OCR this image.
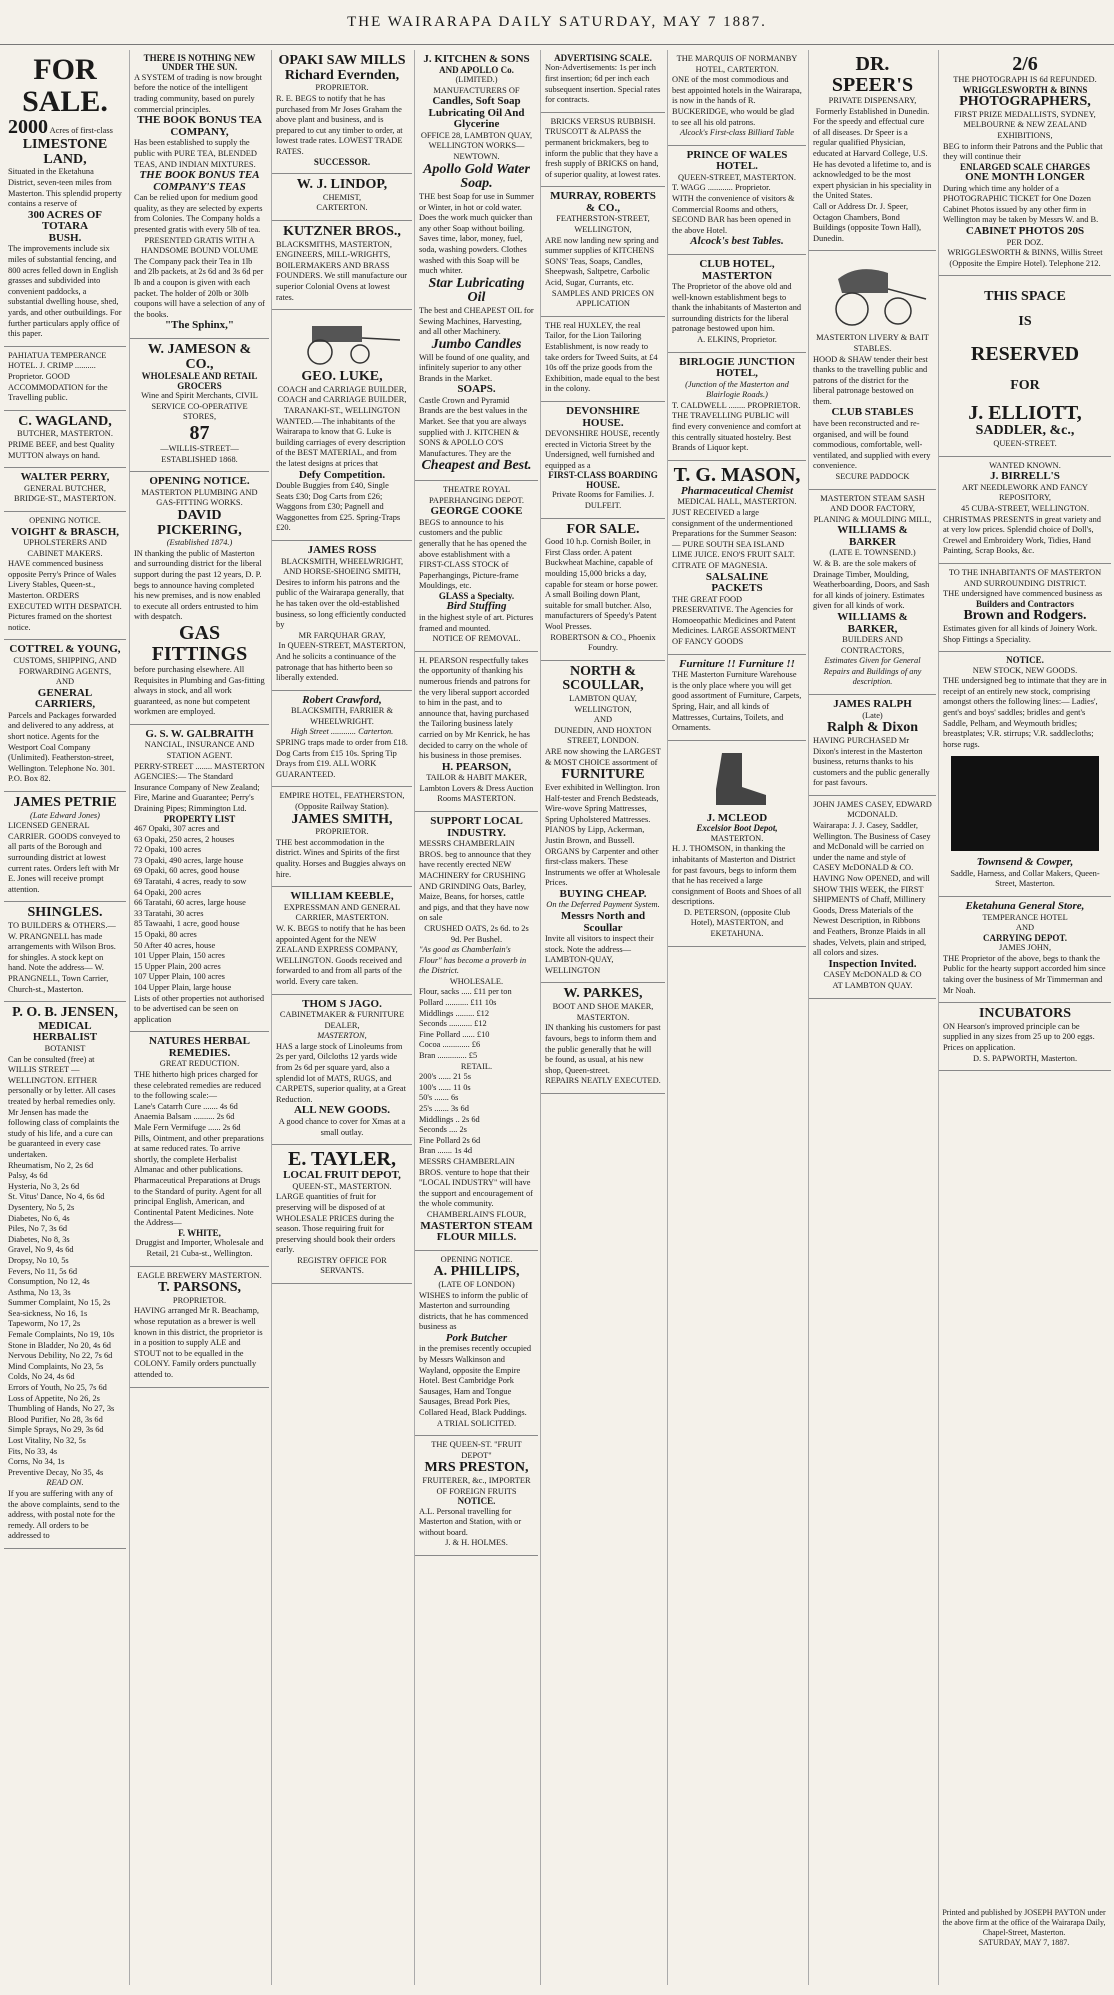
THE WAIRARAPA DAILY SATURDAY, MAY 7 1887.
FOR SALE.
2000 Acres of first-class
LIMESTONE LAND,
Situated in the Eketahuna District, seven-teen miles from Masterton. This splendid property contains a reserve of
300 ACRES OF TOTARA
BUSH.
The improvements include six miles of substantial fencing, and 800 acres felled down in English grasses and subdivided into convenient paddocks, a substantial dwelling house, shed, yards, and other outbuildings. For further particulars apply office of this paper.
PAHIATUA TEMPERANCE HOTEL. J. CRIMP .......... Proprietor. GOOD ACCOMMODATION for the Travelling public.
C. WAGLAND,
BUTCHER, MASTERTON.
PRIME BEEF, and best Quality MUTTON always on hand.
WALTER PERRY,
GENERAL BUTCHER, BRIDGE-ST., MASTERTON.
OPENING NOTICE.
VOIGHT & BRASCH,
UPHOLSTERERS AND CABINET MAKERS.
HAVE commenced business opposite Perry's Prince of Wales Livery Stables, Queen-st., Masterton. ORDERS EXECUTED WITH DESPATCH. Pictures framed on the shortest notice.
COTTREL & YOUNG,
CUSTOMS, SHIPPING, AND FORWARDING AGENTS,
AND
GENERAL CARRIERS,
Parcels and Packages forwarded and delivered to any address, at short notice. Agents for the Westport Coal Company (Unlimited). Featherston-street, Wellington. Telephone No. 301. P.O. Box 82.
JAMES PETRIE
(Late Edward Jones)
LICENSED GENERAL CARRIER. GOODS conveyed to all parts of the Borough and surrounding district at lowest current rates. Orders left with Mr E. Jones will receive prompt attention.
SHINGLES.
TO BUILDERS & OTHERS.—W. PRANGNELL has made arrangements with Wilson Bros. for shingles. A stock kept on hand. Note the address— W. PRANGNELL, Town Carrier, Church-st., Masterton.
P. O. B. JENSEN,
MEDICAL HERBALIST
BOTANIST
Can be consulted (free) at WILLIS STREET — WELLINGTON. EITHER personally or by letter. All cases treated by herbal remedies only. Mr Jensen has made the following class of complaints the study of his life, and a cure can be guaranteed in every case undertaken.
Rheumatism, No 2, 2s 6d
Palsy, 4s 6d
Hysteria, No 3, 2s 6d
St. Vitus' Dance, No 4, 6s 6d
Dysentery, No 5, 2s
Diabetes, No 6, 4s
Piles, No 7, 3s 6d
Diabetes, No 8, 3s
Gravel, No 9, 4s 6d
Dropsy, No 10, 5s
Fevers, No 11, 5s 6d
Consumption, No 12, 4s
Asthma, No 13, 3s
Summer Complaint, No 15, 2s
Sea-sickness, No 16, 1s
Tapeworm, No 17, 2s
Female Complaints, No 19, 10s
Stone in Bladder, No 20, 4s 6d
Nervous Debility, No 22, 7s 6d
Mind Complaints, No 23, 5s
Colds, No 24, 4s 6d
Errors of Youth, No 25, 7s 6d
Loss of Appetite, No 26, 2s
Thumbling of Hands, No 27, 3s
Blood Purifier, No 28, 3s 6d
Simple Sprays, No 29, 3s 6d
Lost Vitality, No 32, 5s
Fits, No 33, 4s
Corns, No 34, 1s
Preventive Decay, No 35, 4s
READ ON.
If you are suffering with any of the above complaints, send to the address, with postal note for the remedy. All orders to be addressed to
THERE IS NOTHING NEW UNDER THE SUN.
A SYSTEM of trading is now brought before the notice of the intelligent trading community, based on purely commercial principles.
THE BOOK BONUS TEA COMPANY,
Has been established to supply the public with PURE TEA, BLENDED TEAS, AND INDIAN MIXTURES.
THE BOOK BONUS TEA COMPANY'S TEAS
Can be relied upon for medium good quality, as they are selected by experts from Colonies. The Company holds a presented gratis with every 5lb of tea.
PRESENTED GRATIS WITH A HANDSOME BOUND VOLUME
The Company pack their Tea in 1lb and 2lb packets, at 2s 6d and 3s 6d per lb and a coupon is given with each packet. The holder of 20lb or 30lb coupons will have a selection of any of the books.
"The Sphinx,"
W. JAMESON & CO.,
WHOLESALE AND RETAIL GROCERS
Wine and Spirit Merchants, CIVIL SERVICE CO-OPERATIVE STORES,
87
—WILLIS-STREET—
ESTABLISHED 1868.
OPENING NOTICE.
MASTERTON PLUMBING AND GAS-FITTING WORKS.
DAVID PICKERING,
(Established 1874.)
IN thanking the public of Masterton and surrounding district for the liberal support during the past 12 years, D. P. begs to announce having completed his new premises, and is now enabled to execute all orders entrusted to him with despatch.
GAS FITTINGS
before purchasing elsewhere. All Requisites in Plumbing and Gas-fitting always in stock, and all work guaranteed, as none but competent workmen are employed.
G. S. W. GALBRAITH
NANCIAL, INSURANCE AND STATION AGENT.
PERRY-STREET ........ MASTERTON
AGENCIES:— The Standard Insurance Company of New Zealand; Fire, Marine and Guarantee; Perry's Draining Pipes; Rimmington Ltd.
PROPERTY LIST
467 Opaki, 307 acres and
63 Opaki, 250 acres, 2 houses
72 Opaki, 100 acres
73 Opaki, 490 acres, large house
69 Opaki, 60 acres, good house
69 Taratahi, 4 acres, ready to sow
64 Opaki, 200 acres
66 Taratahi, 60 acres, large house
33 Taratahi, 30 acres
85 Tawaahi, 1 acre, good house
15 Opaki, 80 acres
50 After 40 acres, house
101 Upper Plain, 150 acres
15 Upper Plain, 200 acres
107 Upper Plain, 100 acres
104 Upper Plain, large house
Lists of other properties not authorised to be advertised can be seen on application
NATURES HERBAL REMEDIES.
GREAT REDUCTION.
THE hitherto high prices charged for these celebrated remedies are reduced to the following scale:—
Lane's Catarrh Cure ....... 4s 6d
Anaemia Balsam .......... 2s 6d
Male Fern Vermifuge ...... 2s 6d
Pills, Ointment, and other preparations at same reduced rates. To arrive shortly, the complete Herbalist Almanac and other publications. Pharmaceutical Preparations at Drugs to the Standard of purity. Agent for all principal English, American, and Continental Patent Medicines. Note the Address—
F. WHITE,
Druggist and Importer, Wholesale and Retail, 21 Cuba-st., Wellington.
EAGLE BREWERY MASTERTON.
T. PARSONS,
PROPRIETOR.
HAVING arranged Mr R. Beachamp, whose reputation as a brewer is well known in this district, the proprietor is in a position to supply ALE and STOUT not to be equalled in the COLONY. Family orders punctually attended to.
OPAKI SAW MILLS
Richard Evernden,
PROPRIETOR.
R. E. BEGS to notify that he has purchased from Mr Joses Graham the above plant and business, and is prepared to cut any timber to order, at lowest trade rates. LOWEST TRADE RATES.
SUCCESSOR.
W. J. LINDOP,
CHEMIST,
CARTERTON.
KUTZNER BROS.,
BLACKSMITHS, MASTERTON, ENGINEERS, MILL-WRIGHTS, BOILERMAKERS AND BRASS FOUNDERS. We still manufacture our superior Colonial Ovens at lowest rates.
GEO. LUKE,
COACH and CARRIAGE BUILDER, COACH and CARRIAGE BUILDER,
TARANAKI-ST., WELLINGTON
WANTED.—The inhabitants of the Wairarapa to know that G. Luke is building carriages of every description of the BEST MATERIAL, and from the latest designs at prices that
Defy Competition.
Double Buggies from £40, Single Seats £30; Dog Carts from £26; Waggons from £30; Pagnell and Waggonettes from £25. Spring-Traps £20.
JAMES ROSS
BLACKSMITH, WHEELWRIGHT, AND HORSE-SHOEING SMITH,
Desires to inform his patrons and the public of the Wairarapa generally, that he has taken over the old-established business, so long efficiently conducted by
MR FARQUHAR GRAY,
In QUEEN-STREET, MASTERTON,
And he solicits a continuance of the patronage that has hitherto been so liberally extended.
Robert Crawford,
BLACKSMITH, FARRIER & WHEELWRIGHT.
High Street ............ Carterton.
SPRING traps made to order from £18. Dog Carts from £15 10s. Spring Tip Drays from £19. ALL WORK GUARANTEED.
EMPIRE HOTEL, FEATHERSTON,
(Opposite Railway Station).
JAMES SMITH,
PROPRIETOR.
THE best accommodation in the district. Wines and Spirits of the first quality. Horses and Buggies always on hire.
WILLIAM KEEBLE,
EXPRESSMAN AND GENERAL CARRIER, MASTERTON.
W. K. BEGS to notify that he has been appointed Agent for the NEW ZEALAND EXPRESS COMPANY, WELLINGTON. Goods received and forwarded to and from all parts of the world. Every care taken.
THOM S JAGO.
CABINETMAKER & FURNITURE DEALER,
MASTERTON,
HAS a large stock of Linoleums from 2s per yard, Oilcloths 12 yards wide from 2s 6d per square yard, also a splendid lot of MATS, RUGS, and CARPETS, superior quality, at a Great Reduction.
ALL NEW GOODS.
A good chance to cover for Xmas at a small outlay.
E. TAYLER,
LOCAL FRUIT DEPOT,
QUEEN-ST., MASTERTON.
LARGE quantities of fruit for preserving will be disposed of at WHOLESALE PRICES during the season. Those requiring fruit for preserving should book their orders early.
REGISTRY OFFICE FOR SERVANTS.
J. KITCHEN & SONS
AND APOLLO Co.
(LIMITED.)
MANUFACTURERS OF
Candles, Soft Soap Lubricating Oil And Glycerine
OFFICE 28, LAMBTON QUAY, WELLINGTON WORKS—NEWTOWN.
Apollo Gold Water Soap.
THE best Soap for use in Summer or Winter, in hot or cold water. Does the work much quicker than any other Soap without boiling. Saves time, labor, money, fuel, soda, washing powders. Clothes washed with this Soap will be much whiter.
Star Lubricating Oil
The best and CHEAPEST OIL for Sewing Machines, Harvesting, and all other Machinery.
Jumbo Candles
Will be found of one quality, and infinitely superior to any other Brands in the Market.
SOAPS.
Castle Crown and Pyramid Brands are the best values in the Market. See that you are always supplied with J. KITCHEN & SONS & APOLLO CO'S Manufactures. They are the
Cheapest and Best.
THEATRE ROYAL PAPERHANGING DEPOT.
GEORGE COOKE
BEGS to announce to his customers and the public generally that he has opened the above establishment with a FIRST-CLASS STOCK of Paperhangings, Picture-frame Mouldings, etc.
GLASS a Specialty.
Bird Stuffing
in the highest style of art. Pictures framed and mounted.
NOTICE OF REMOVAL.
H. PEARSON respectfully takes the opportunity of thanking his numerous friends and patrons for the very liberal support accorded to him in the past, and to announce that, having purchased the Tailoring business lately carried on by Mr Kenrick, he has decided to carry on the whole of his business in those premises.
H. PEARSON,
TAILOR & HABIT MAKER, Lambton Lovers & Dress Auction Rooms MASTERTON.
SUPPORT LOCAL INDUSTRY.
MESSRS CHAMBERLAIN BROS. beg to announce that they have recently erected NEW MACHINERY for CRUSHING AND GRINDING Oats, Barley, Maize, Beans, for horses, cattle and pigs, and that they have now on sale
CRUSHED OATS, 2s 6d. to 2s 9d. Per Bushel.
"As good as Chamberlain's Flour" has become a proverb in the District.
WHOLESALE.
Flour, sacks ..... £11 per ton
Pollard ........... £11 10s
Middlings ......... £12
Seconds ........... £12
Fine Pollard ...... £10
Cocoa ............. £6
Bran .............. £5
RETAIL.
200's ...... 21 5s
100's ...... 11 0s
50's ....... 6s
25's ....... 3s 6d
Middlings .. 2s 6d
Seconds .... 2s
Fine Pollard 2s 6d
Bran ....... 1s 4d
MESSRS CHAMBERLAIN BROS. venture to hope that their "LOCAL INDUSTRY" will have the support and encouragement of the whole community.
CHAMBERLAIN'S FLOUR,
MASTERTON STEAM FLOUR MILLS.
OPENING NOTICE.
A. PHILLIPS,
(LATE OF LONDON)
WISHES to inform the public of Masterton and surrounding districts, that he has commenced business as
Pork Butcher
in the premises recently occupied by Messrs Walkinson and Wayland, opposite the Empire Hotel. Best Cambridge Pork Sausages, Ham and Tongue Sausages, Bread Pork Pies, Collared Head, Black Puddings.
A TRIAL SOLICITED.
THE QUEEN-ST. "FRUIT DEPOT"
MRS PRESTON,
FRUITERER, &c., IMPORTER OF FOREIGN FRUITS
NOTICE.
A.L. Personal travelling for Masterton and Station, with or without board.
J. & H. HOLMES.
ADVERTISING SCALE.
Non-Advertisements: 1s per inch first insertion; 6d per inch each subsequent insertion. Special rates for contracts.
BRICKS VERSUS RUBBISH.
TRUSCOTT & ALPASS the permanent brickmakers, beg to inform the public that they have a fresh supply of BRICKS on hand, of superior quality, at lowest rates.
MURRAY, ROBERTS & CO.,
FEATHERSTON-STREET, WELLINGTON,
ARE now landing new spring and summer supplies of KITCHENS SONS' Teas, Soaps, Candles, Sheepwash, Saltpetre, Carbolic Acid, Sugar, Currants, etc.
SAMPLES AND PRICES ON APPLICATION
THE real HUXLEY, the real Tailor, for the Lion Tailoring Establishment, is now ready to take orders for Tweed Suits, at £4 10s off the prize goods from the Exhibition, made equal to the best in the colony.
DEVONSHIRE HOUSE.
DEVONSHIRE HOUSE, recently erected in Victoria Street by the Undersigned, well furnished and equipped as a
FIRST-CLASS BOARDING HOUSE.
Private Rooms for Families. J. DULFEIT.
FOR SALE.
Good 10 h.p. Cornish Boiler, in First Class order. A patent Buckwheat Machine, capable of moulding 15,000 bricks a day, capable for steam or horse power. A small Boiling down Plant, suitable for small butcher. Also, manufacturers of Speedy's Patent Wool Presses.
ROBERTSON & CO., Phoenix Foundry.
NORTH & SCOULLAR,
LAMBTON QUAY, WELLINGTON,
AND
DUNEDIN, AND HOXTON STREET, LONDON.
ARE now showing the LARGEST & MOST CHOICE assortment of
FURNITURE
Ever exhibited in Wellington. Iron Half-tester and French Bedsteads, Wire-wove Spring Mattresses, Spring Upholstered Mattresses.
PIANOS by Lipp, Ackerman, Justin Brown, and Bussell.
ORGANS by Carpenter and other first-class makers. These Instruments we offer at Wholesale Prices.
BUYING CHEAP.
On the Deferred Payment System.
Messrs North and Scoullar
Invite all visitors to inspect their stock. Note the address— LAMBTON-QUAY, WELLINGTON
W. PARKES,
BOOT AND SHOE MAKER, MASTERTON.
IN thanking his customers for past favours, begs to inform them and the public generally that he will be found, as usual, at his new shop, Queen-street.
REPAIRS NEATLY EXECUTED.
THE MARQUIS OF NORMANBY HOTEL, CARTERTON.
ONE of the most commodious and best appointed hotels in the Wairarapa, is now in the hands of R. BUCKERIDGE, who would be glad to see all his old patrons.
Alcock's First-class Billiard Table
PRINCE OF WALES HOTEL.
QUEEN-STREET, MASTERTON.
T. WAGG ............ Proprietor.
WITH the convenience of visitors & Commercial Rooms and others, SECOND BAR has been opened in the above Hotel.
Alcock's best Tables.
CLUB HOTEL, MASTERTON
The Proprietor of the above old and well-known establishment begs to thank the inhabitants of Masterton and surrounding districts for the liberal patronage bestowed upon him.
A. ELKINS, Proprietor.
BIRLOGIE JUNCTION HOTEL,
(Junction of the Masterton and Blairlogie Roads.)
T. CALDWELL ........ PROPRIETOR.
THE TRAVELLING PUBLIC will find every convenience and comfort at this centrally situated hostelry. Best Brands of Liquor kept.
T. G. MASON,
Pharmaceutical Chemist
MEDICAL HALL, MASTERTON.
JUST RECEIVED a large consignment of the undermentioned Preparations for the Summer Season:— PURE SOUTH SEA ISLAND LIME JUICE. ENO'S FRUIT SALT. CITRATE OF MAGNESIA.
SALSALINE
PACKETS
THE GREAT FOOD PRESERVATIVE. The Agencies for Homoeopathic Medicines and Patent Medicines. LARGE ASSORTMENT OF FANCY GOODS
Furniture !! Furniture !!
THE Masterton Furniture Warehouse is the only place where you will get good assortment of Furniture, Carpets, Spring, Hair, and all kinds of Mattresses, Curtains, Toilets, and Ornaments.
J. MCLEOD
Excelsior Boot Depot,
MASTERTON.
H. J. THOMSON, in thanking the inhabitants of Masterton and District for past favours, begs to inform them that he has received a large consignment of Boots and Shoes of all descriptions.
D. PETERSON, (opposite Club Hotel), MASTERTON, and EKETAHUNA.
DR. SPEER'S
PRIVATE DISPENSARY, Formerly Established in Dunedin.
For the speedy and effectual cure of all diseases. Dr Speer is a regular qualified Physician, educated at Harvard College, U.S. He has devoted a lifetime to, and is acknowledged to be the most expert physician in his speciality in the United States.
Call or Address Dr. J. Speer, Octagon Chambers, Bond Buildings (opposite Town Hall), Dunedin.
MASTERTON LIVERY & BAIT STABLES.
HOOD & SHAW tender their best thanks to the travelling public and patrons of the district for the liberal patronage bestowed on them.
CLUB STABLES
have been reconstructed and re-organised, and will be found commodious, comfortable, well-ventilated, and supplied with every convenience.
SECURE PADDOCK
MASTERTON STEAM SASH AND DOOR FACTORY, PLANING & MOULDING MILL,
WILLIAMS & BARKER
(LATE E. TOWNSEND.)
W. & B. are the sole makers of Drainage Timber, Moulding, Weatherboarding, Doors, and Sash for all kinds of joinery. Estimates given for all kinds of work.
WILLIAMS & BARKER,
BUILDERS AND CONTRACTORS,
Estimates Given for General Repairs and Buildings of any description.
JAMES RALPH
(Late)
Ralph & Dixon
HAVING PURCHASED Mr Dixon's interest in the Masterton business, returns thanks to his customers and the public generally for past favours.
JOHN JAMES CASEY, EDWARD MCDONALD.
Wairarapa: J. J. Casey, Saddler, Wellington. The Business of Casey and McDonald will be carried on under the name and style of CASEY McDONALD & CO.
HAVING Now OPENED, and will SHOW THIS WEEK, the FIRST SHIPMENTS of Chaff, Millinery Goods, Dress Materials of the Newest Description, in Ribbons and Feathers, Bronze Plaids in all shades, Velvets, plain and striped, all colors and sizes.
Inspection Invited.
CASEY McDONALD & CO
AT LAMBTON QUAY.
2/6
THE PHOTOGRAPH IS 6d REFUNDED.
WRIGGLESWORTH & BINNS
PHOTOGRAPHERS,
FIRST PRIZE MEDALLISTS, SYDNEY, MELBOURNE & NEW ZEALAND EXHIBITIONS,
BEG to inform their Patrons and the Public that they will continue their
ENLARGED SCALE CHARGES
ONE MONTH LONGER
During which time any holder of a PHOTOGRAPHIC TICKET for One Dozen Cabinet Photos issued by any other firm in Wellington may be taken by Messrs W. and B.
CABINET PHOTOS 20S
PER DOZ.
WRIGGLESWORTH & BINNS, Willis Street (Opposite the Empire Hotel). Telephone 212.
THIS SPACE
IS
RESERVED
FOR
J. ELLIOTT,
SADDLER, &c.,
QUEEN-STREET.
WANTED KNOWN.
J. BIRRELL'S
ART NEEDLEWORK AND FANCY REPOSITORY,
45 CUBA-STREET, WELLINGTON.
CHRISTMAS PRESENTS in great variety and at very low prices. Splendid choice of Doll's, Crewel and Embroidery Work, Tidies, Hand Painting, Scrap Books, &c.
TO THE INHABITANTS OF MASTERTON AND SURROUNDING DISTRICT.
THE undersigned have commenced business as
Builders and Contractors
Brown and Rodgers.
Estimates given for all kinds of Joinery Work. Shop Fittings a Speciality.
NOTICE.
NEW STOCK, NEW GOODS.
THE undersigned beg to intimate that they are in receipt of an entirely new stock, comprising amongst others the following lines:— Ladies', gent's and boys' saddles; bridles and gent's Saddle, Pelham, and Weymouth bridles; breastplates; V.R. stirrups; V.R. saddlecloths; horse rugs.
Townsend & Cowper,
Saddle, Harness, and Collar Makers, Queen-Street, Masterton.
Eketahuna General Store,
TEMPERANCE HOTEL
AND
CARRYING DEPOT.
JAMES JOHN,
THE Proprietor of the above, begs to thank the Public for the hearty support accorded him since taking over the business of Mr Timmerman and Mr Noah.
INCUBATORS
ON Hearson's improved principle can be supplied in any sizes from 25 up to 200 eggs. Prices on application.
D. S. PAPWORTH, Masterton.
Printed and published by JOSEPH PAYTON under the above firm at the office of the Wairarapa Daily, Chapel-Street, Masterton.
SATURDAY, MAY 7, 1887.
